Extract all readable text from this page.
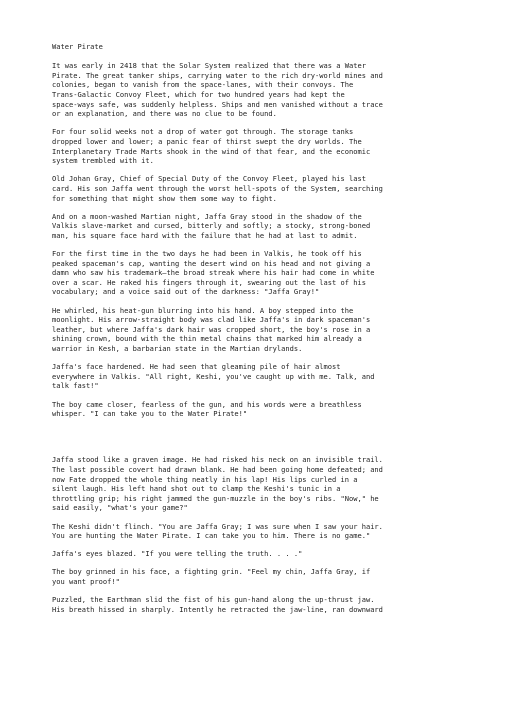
Water Pirate

It was early in 2418 that the Solar System realized that there was a Water
Pirate. The great tanker ships, carrying water to the rich dry-world mines and
colonies, began to vanish from the space-lanes, with their convoys. The
Trans-Galactic Convoy Fleet, which for two hundred years had kept the
space-ways safe, was suddenly helpless. Ships and men vanished without a trace
or an explanation, and there was no clue to be found.

For four solid weeks not a drop of water got through. The storage tanks
dropped lower and lower; a panic fear of thirst swept the dry worlds. The
Interplanetary Trade Marts shook in the wind of that fear, and the economic
system trembled with it.

Old Johan Gray, Chief of Special Duty of the Convoy Fleet, played his last
card. His son Jaffa went through the worst hell-spots of the System, searching
for something that might show them some way to fight.

And on a moon-washed Martian night, Jaffa Gray stood in the shadow of the
Valkis slave-market and cursed, bitterly and softly; a stocky, strong-boned
man, his square face hard with the failure that he had at last to admit.

For the first time in the two days he had been in Valkis, he took off his
peaked spaceman's cap, wanting the desert wind on his head and not giving a
damn who saw his trademark—the broad streak where his hair had come in white
over a scar. He raked his fingers through it, swearing out the last of his
vocabulary; and a voice said out of the darkness: "Jaffa Gray!"

He whirled, his heat-gun blurring into his hand. A boy stepped into the
moonlight. His arrow-straight body was clad like Jaffa's in dark spaceman's
leather, but where Jaffa's dark hair was cropped short, the boy's rose in a
shining crown, bound with the thin metal chains that marked him already a
warrior in Kesh, a barbarian state in the Martian drylands.

Jaffa's face hardened. He had seen that gleaming pile of hair almost
everywhere in Valkis. "All right, Keshi, you've caught up with me. Talk, and
talk fast!"

The boy came closer, fearless of the gun, and his words were a breathless
whisper. "I can take you to the Water Pirate!"

Jaffa stood like a graven image. He had risked his neck on an invisible trail.
The last possible covert had drawn blank. He had been going home defeated; and
now Fate dropped the whole thing neatly in his lap! His lips curled in a
silent laugh. His left hand shot out to clamp the Keshi's tunic in a
throttling grip; his right jammed the gun-muzzle in the boy's ribs. "Now," he
said easily, "what's your game?"

The Keshi didn't flinch. "You are Jaffa Gray; I was sure when I saw your hair.
You are hunting the Water Pirate. I can take you to him. There is no game."

Jaffa's eyes blazed. "If you were telling the truth. . . ."

The boy grinned in his face, a fighting grin. "Feel my chin, Jaffa Gray, if
you want proof!"

Puzzled, the Earthman slid the fist of his gun-hand along the up-thrust jaw.
His breath hissed in sharply. Intently he retracted the jaw-line, ran downward
